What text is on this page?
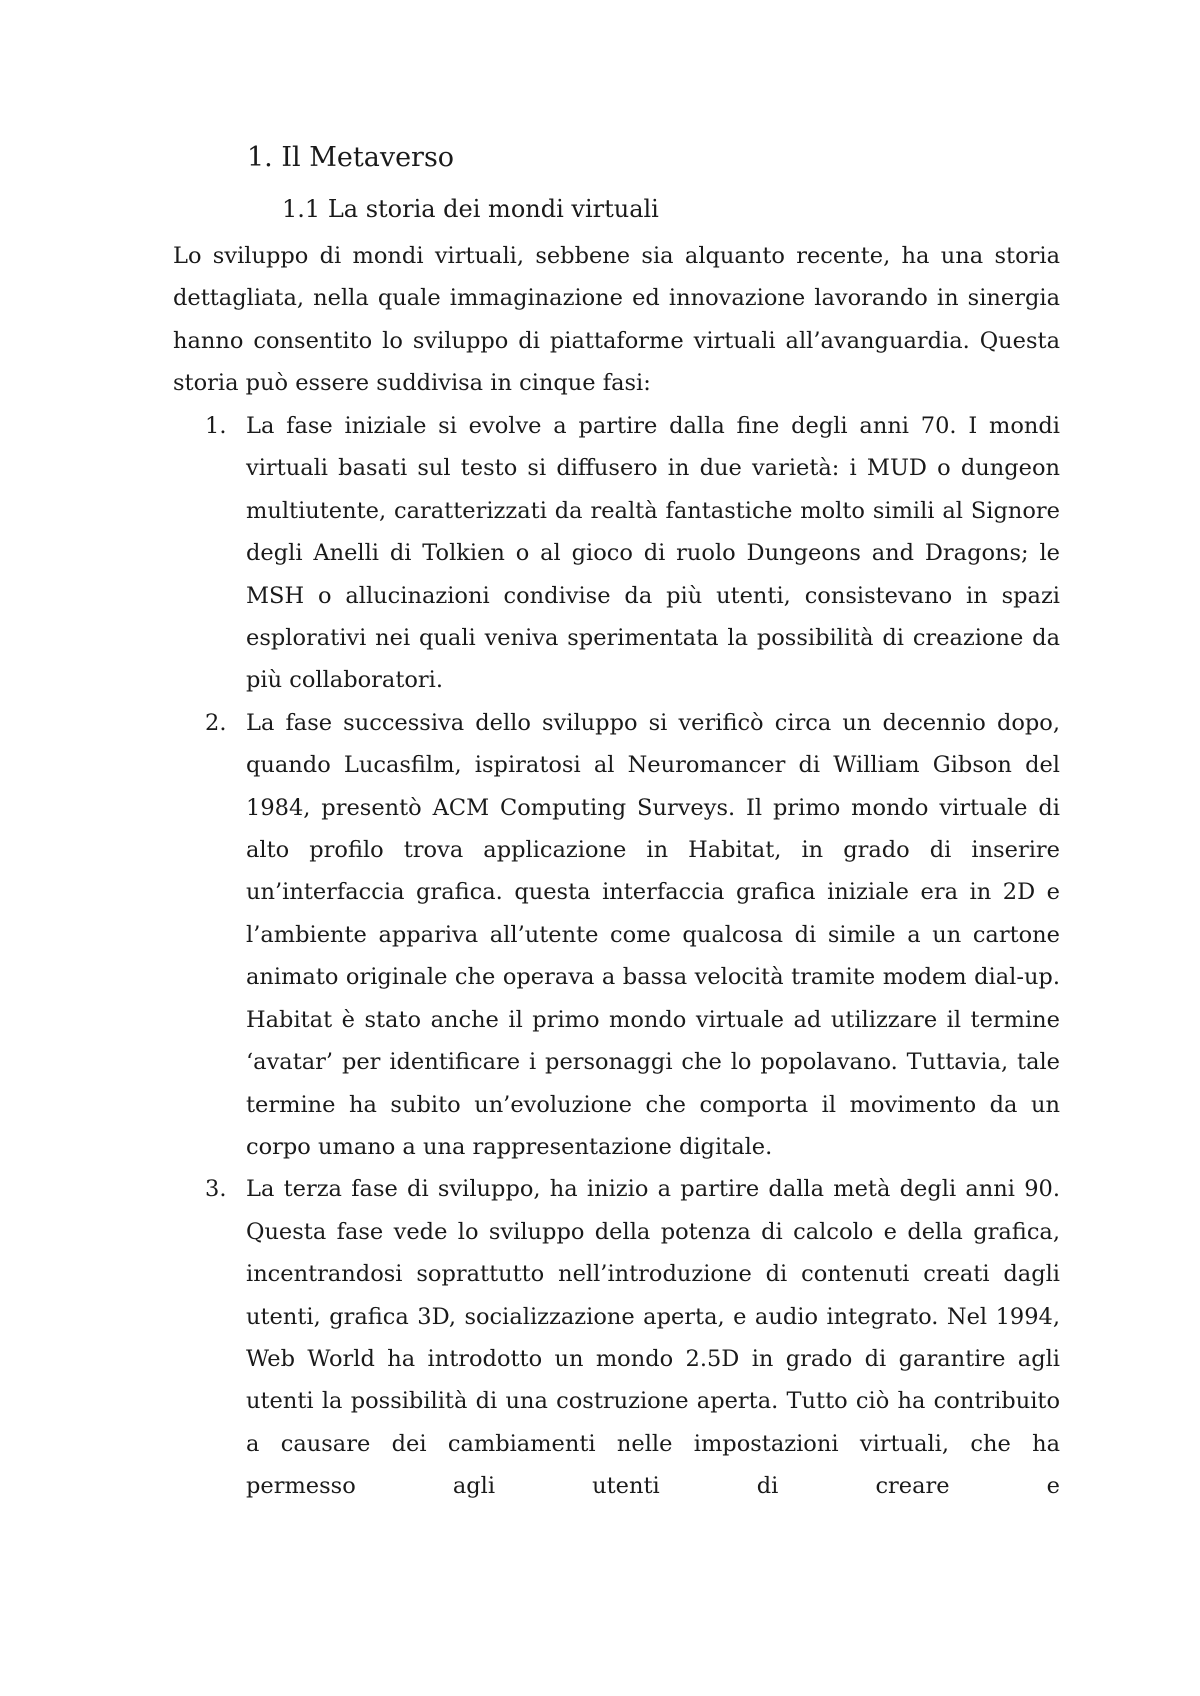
1. Il Metaverso
1.1 La storia dei mondi virtuali

Lo sviluppo di mondi virtuali, sebbene sia alquanto recente, ha una storia dettagliata, nella quale immaginazione ed innovazione lavorando in sinergia hanno consentito lo sviluppo di piattaforme virtuali all’avanguardia. Questa storia può essere suddivisa in cinque fasi:

1. La fase iniziale si evolve a partire dalla fine degli anni 70. I mondi virtuali basati sul testo si diffusero in due varietà: i MUD o dungeon multiutente, caratterizzati da realtà fantastiche molto simili al Signore degli Anelli di Tolkien o al gioco di ruolo Dungeons and Dragons; le MSH o allucinazioni condivise da più utenti, consistevano in spazi esplorativi nei quali veniva sperimentata la possibilità di creazione da più collaboratori.
2. La fase successiva dello sviluppo si verificò circa un decennio dopo, quando Lucasfilm, ispiratosi al Neuromancer di William Gibson del 1984, presentò ACM Computing Surveys. Il primo mondo virtuale di alto profilo trova applicazione in Habitat, in grado di inserire un’interfaccia grafica. questa interfaccia grafica iniziale era in 2D e l’ambiente appariva all’utente come qualcosa di simile a un cartone animato originale che operava a bassa velocità tramite modem dial-up. Habitat è stato anche il primo mondo virtuale ad utilizzare il termine ‘avatar’ per identificare i personaggi che lo popolavano. Tuttavia, tale termine ha subito un’evoluzione che comporta il movimento da un corpo umano a una rappresentazione digitale.
3. La terza fase di sviluppo, ha inizio a partire dalla metà degli anni 90. Questa fase vede lo sviluppo della potenza di calcolo e della grafica, incentrandosi soprattutto nell’introduzione di contenuti creati dagli utenti, grafica 3D, socializzazione aperta, e audio integrato. Nel 1994, Web World ha introdotto un mondo 2.5D in grado di garantire agli utenti la possibilità di una costruzione aperta. Tutto ciò ha contribuito a causare dei cambiamenti nelle impostazioni virtuali, che ha permesso agli utenti di creare e
